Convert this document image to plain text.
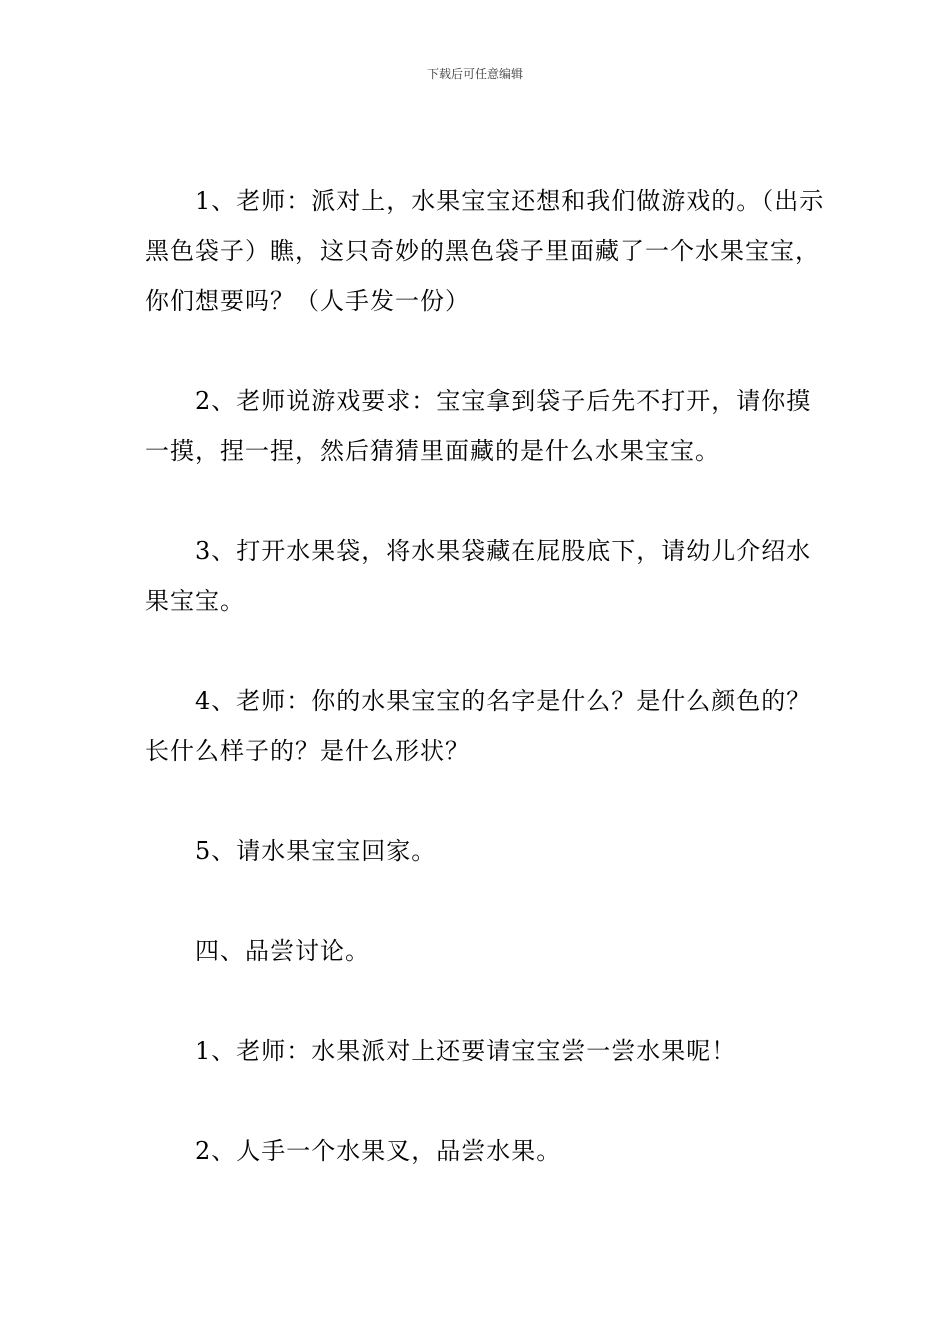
下载后可任意编辑

1、老师：派对上，水果宝宝还想和我们做游戏的。（出示黑色袋子）瞧，这只奇妙的黑色袋子里面藏了一个水果宝宝，你们想要吗？（人手发一份）

2、老师说游戏要求：宝宝拿到袋子后先不打开，请你摸一摸，捏一捏，然后猜猜里面藏的是什么水果宝宝。

3、打开水果袋，将水果袋藏在屁股底下，请幼儿介绍水果宝宝。

4、老师：你的水果宝宝的名字是什么？是什么颜色的？长什么样子的？是什么形状？

5、请水果宝宝回家。

四、品尝讨论。

1、老师：水果派对上还要请宝宝尝一尝水果呢！

2、人手一个水果叉，品尝水果。
